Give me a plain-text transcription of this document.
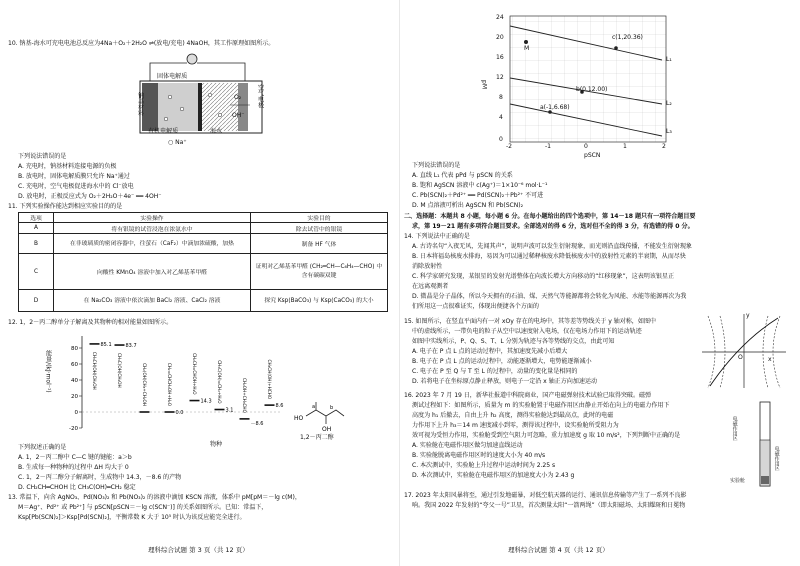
10. 钠基-海水可充电电池总反应为4Na＋O₂＋2H₂O ⇌(放电/充电) 4NaOH，其工作原理如图所示。
固体电解质
有机电解质	海水
钠基材料	空气电极
O₂
OH⁻
○ Na⁺
下列说法错误的是
A. 充电时，钠基材料连接电源的负极
B. 放电时，固体电解质膜只允许 Na⁺通过
C. 充电时，空气电极促进海水中的 Cl⁻放电
D. 放电时，正极反应式为 O₂＋2H₂O＋4e⁻ ══ 4OH⁻
11. 下列实验操作能达到相应实验目的的是
选项	实验操作	实验目的
A	将有银镜的试管浸泡在浓氨水中	除去试管中的银镜
B	在非玻璃质的密闭容器中，往萤石（CaF₂）中滴加浓硫酸，加热	制备 HF 气体
C	向酸性 KMnO₄ 溶液中加入对乙烯基苯甲醛	证明对乙烯基苯甲醛 (CH₂═CH—C₆H₄—CHO) 中含有碳碳双键
D	在 Na₂CO₃ 溶液中依次滴加 BaCl₂ 溶液、CaCl₂ 溶液	探究 Ksp(BaCO₃) 与 Ksp(CaCO₃) 的大小
12. 1，2－丙二醇单分子解离及其物种的相对能量如图所示。
80
60
40
20
0
-20
85.1
CH₃CH(OH)CH₂OH
83.7
CH₃C(OH)CH₂OH	CH₂(OH)CH₃+CH₂OH
0.0
CH₂=CHCH₂OH+H₂O	14.3
CH₂CH=CHOH+H₂O
3.1
CH₃C(OH)=CH₂+H₂O
－8.6
CH₂OH+CH₃CHO	8.6
CH₃CH(OH)+HCHO
能量/(kJ·mol⁻¹)
物种
HO
OH
a	b
1,2－丙二醇
下列叙述正确的是
A. 1，2－丙二醇中 C—C 键的键能：a＞b
B. 生成每一种物种的过程中 ΔH 均大于 0
C. 1，2－丙二醇分子解离时，生成物中 14.3，－8.6 的产物
D. CH₂CH═CHOH 比 CH₃C(OH)═CH₂ 稳定
13. 常温下，向含 AgNO₃、Pd(NO₃)₂ 和 Pb(NO₃)₂ 的溶液中滴加 KSCN 溶液，体系中 pM[pM＝－lg c(M)，
M＝Ag⁺、Pd²⁺ 或 Pb²⁺] 与 pSCN[pSCN＝－lg c(SCN⁻)] 的关系如图所示。已知：常温下，
Ksp[Pb(SCN)₂]＞Ksp[Pd(SCN)₂]，平衡常数 K 大于 10⁵ 时认为该反应能完全进行。
理科综合试题 第 3 页（共 12 页）
24
20
16
12
8
4
0
pM
-2	-1	0	1	2
pSCN
L₁
L₂
L₃
c(1,20.36)
b(0,12.00)
a(-1,6.68)
M
下列说法错误的是
A. 直线 L₁ 代表 pPd 与 pSCN 的关系
B. 饱和 AgSCN 溶液中 c(Ag⁺)＝1×10⁻⁶ mol·L⁻¹
C. Pb(SCN)₂＋Pd²⁺ ══ Pd(SCN)₂＋Pb²⁺ 不可进
D. M 点溶液可析出 AgSCN 和 Pb(SCN)₂
二、选择题：本题共 8 小题，每小题 6 分。在每小题给出的四个选项中，第 14－18 题只有一项符合题目要
求，第 19－21 题有多项符合题目要求。全部选对的得 6 分，选对但不全的得 3 分，有选错的得 0 分。
14. 下列说法中正确的是
A. 古诗名句“入夜无风，先闻其声”，说明声波可以发生衍射现象，而光则沿直线传播，不能发生衍射现象
B. 日本将福岛核废水排海，易因为可以通过稀释核废水降低核废水中的放射性元素的半衰期，从而尽快
消除放射性
C. 科学家研究发现，某银星的发射光谱整体在向波长增大方向移动的“红移现象”，这表明该银星正
在远离观测者
D. 微晶是分子晶体，所以今天拥有的石油、煤、天然气等能源都将会转化为风能、水能等能源再次为我
们所用这一点很难证实，体现出便捷各个方面的
15. 如图所示，在竖直平面内有一对 xOy 存在的电场中，其等差等势线关于 y 轴对称，如图中
中的虚线所示，一带负电的粒子从空中以速度射入电场，仅在电场力作用下的运动轨迹
如图中实线所示，P、Q、S、T、L 分别为轨迹与各等势线的交点，由此可知
A. 电子在 P 点 L 点的运动过程中，其加速度先减小后增大
B. 电子在 P 点 L 点的运动过程中，动能逐渐增大，电势能逐渐减小
C. 电子在 P 至 Q 与 T 至 L 的过程中，动量的变化量是相同的
D. 若将电子在坐标原点静止释放，则电子一定沿 x 轴正方向加速运动
x
y
O
16. 2023 年 7 月 19 日，新华社报道中科院商业，国产电磁弹射技术试验已取得突破。磁弹
测试过程如下：如图所示，质量为 m 的实验舱置于电磁作用区由静止开始在向上的电磁力作用下
高度为 h₁ 后撤去，自由上升 h₂ 高度，测得实验舱达到最高点，此时的电磁
力作用下上升 h₃＝14 m 速度减小到零，测得该过程中，设实验舱所受阻力为
效可视为受恒力作用，实验舱受到空气阻力可忽略，重力加速度 g 取 10 m/s²，下列判断中正确的是
A. 实验舱在电磁作用区做匀加速直线运动
B. 实验舱脱离电磁作用区时的速度大小为 40 m/s
C. 本次测试中，实验舱上升过程中运动时间为 2.25 s
D. 本次测试中，实验舱在电磁作用区的加速度大小为 2.43 g
电磁作用区
电磁作用区
实验舱
17. 2023 年太阳风暴将至，通过引发地磁暴，对低空航天器的运行、通讯信息传输等产生了一系列不良影
响。我国 2022 年发射的“夸父一号”卫星，首次测量太阳“一箭两绳”（即太阳磁场、太阳耀斑和日冕物
理科综合试题 第 4 页（共 12 页）
